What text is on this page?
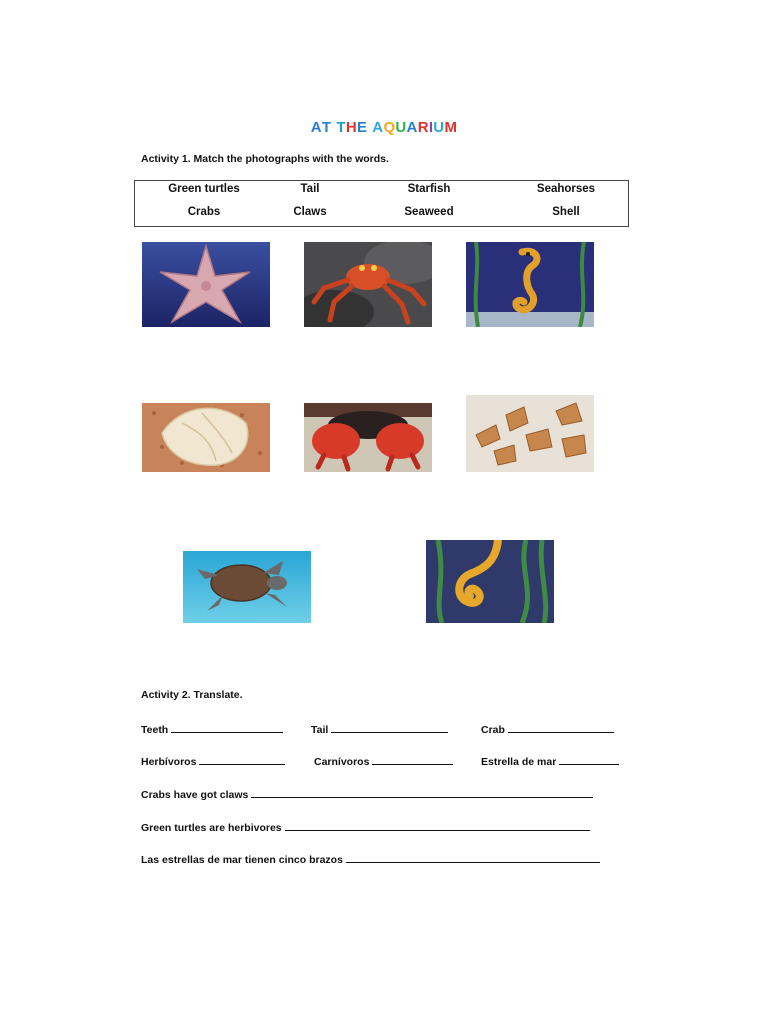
AT THE AQUARIUM
Activity 1. Match the photographs with the words.
Green turtles	Tail	Starfish	Seahorses
Crabs	Claws	Seaweed	Shell
Activity 2. Translate.
Teeth	Tail	Crab
Herbívoros	Carnívoros	Estrella de mar
Crabs have got claws
Green turtles are herbivores
Las estrellas de mar tienen cinco brazos
